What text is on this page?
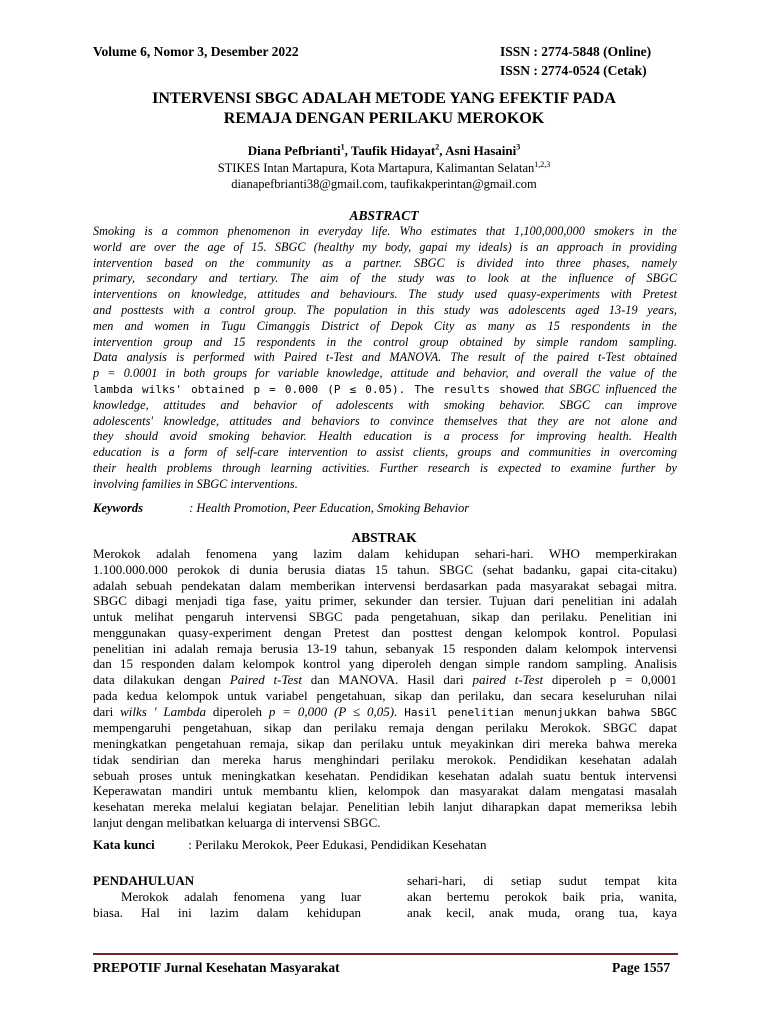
Volume 6, Nomor 3, Desember 2022	ISSN : 2774-5848 (Online)
ISSN : 2774-0524 (Cetak)
INTERVENSI SBGC ADALAH METODE YANG EFEKTIF PADA
REMAJA DENGAN PERILAKU MEROKOK
Diana Pefbrianti$^1$, Taufik Hidayat$^2$, Asni Hasaini$^3$
STIKES Intan Martapura, Kota Martapura, Kalimantan Selatan$^{1,2,3}$
dianapefbrianti38@gmail.com, taufikakperintan@gmail.com
ABSTRACT
Smoking is a common phenomenon in everyday life. Who estimates that 1,100,000,000 smokers in the
world are over the age of 15. SBGC (healthy my body, gapai my ideals) is an approach in providing
intervention based on the community as a partner. SBGC is divided into three phases, namely
primary, secondary and tertiary. The aim of the study was to look at the influence of SBGC
interventions on knowledge, attitudes and behaviours. The study used quasy-experiments with Pretest
and posttests with a control group. The population in this study was adolescents aged 13-19 years,
men and women in Tugu Cimanggis District of Depok City as many as 15 respondents in the
intervention group and 15 respondents in the control group obtained by simple random sampling.
Data analysis is performed with Paired t-Test and MANOVA. The result of the paired t-Test obtained
p = 0.0001 in both groups for variable knowledge, attitude and behavior, and overall the value of the
lambda wilks' obtained p = 0.000 (P ≤ 0.05). The results showed that SBGC influenced the
knowledge, attitudes and behavior of adolescents with smoking behavior. SBGC can improve
adolescents' knowledge, attitudes and behaviors to convince themselves that they are not alone and
they should avoid smoking behavior. Health education is a process for improving health. Health
education is a form of self-care intervention to assist clients, groups and communities in overcoming
their health problems through learning activities. Further research is expected to examine further by
involving families in SBGC interventions.
Keywords	: Health Promotion, Peer Education, Smoking Behavior
ABSTRAK
Merokok adalah fenomena yang lazim dalam kehidupan sehari-hari. WHO memperkirakan
1.100.000.000 perokok di dunia berusia diatas 15 tahun. SBGC (sehat badanku, gapai cita-citaku)
adalah sebuah pendekatan dalam memberikan intervensi berdasarkan pada masyarakat sebagai mitra.
SBGC dibagi menjadi tiga fase, yaitu primer, sekunder dan tersier. Tujuan dari penelitian ini adalah
untuk melihat pengaruh intervensi SBGC pada pengetahuan, sikap dan perilaku. Penelitian ini
menggunakan quasy-experiment dengan Pretest dan posttest dengan kelompok kontrol. Populasi
penelitian ini adalah remaja berusia 13-19 tahun, sebanyak 15 responden dalam kelompok intervensi
dan 15 responden dalam kelompok kontrol yang diperoleh dengan simple random sampling. Analisis
data dilakukan dengan Paired t-Test dan MANOVA. Hasil dari paired t-Test diperoleh p = 0,0001
pada kedua kelompok untuk variabel pengetahuan, sikap dan perilaku, dan secara keseluruhan nilai
dari wilks ' Lambda diperoleh p = 0,000 (P ≤ 0,05). Hasil penelitian menunjukkan bahwa SBGC
mempengaruhi pengetahuan, sikap dan perilaku remaja dengan perilaku Merokok. SBGC dapat
meningkatkan pengetahuan remaja, sikap dan perilaku untuk meyakinkan diri mereka bahwa mereka
tidak sendirian dan mereka harus menghindari perilaku merokok. Pendidikan kesehatan adalah
sebuah proses untuk meningkatkan kesehatan. Pendidikan kesehatan adalah suatu bentuk intervensi
Keperawatan mandiri untuk membantu klien, kelompok dan masyarakat dalam mengatasi masalah
kesehatan mereka melalui kegiatan belajar. Penelitian lebih lanjut diharapkan dapat memeriksa lebih
lanjut dengan melibatkan keluarga di intervensi SBGC.
Kata kunci	: Perilaku Merokok, Peer Edukasi, Pendidikan Kesehatan
PENDAHULUAN
Merokok adalah fenomena yang luar
biasa. Hal ini lazim dalam kehidupan
sehari-hari, di setiap sudut tempat kita
akan bertemu perokok baik pria, wanita,
anak kecil, anak muda, orang tua, kaya
PREPOTIF Jurnal Kesehatan Masyarakat	Page 1557
